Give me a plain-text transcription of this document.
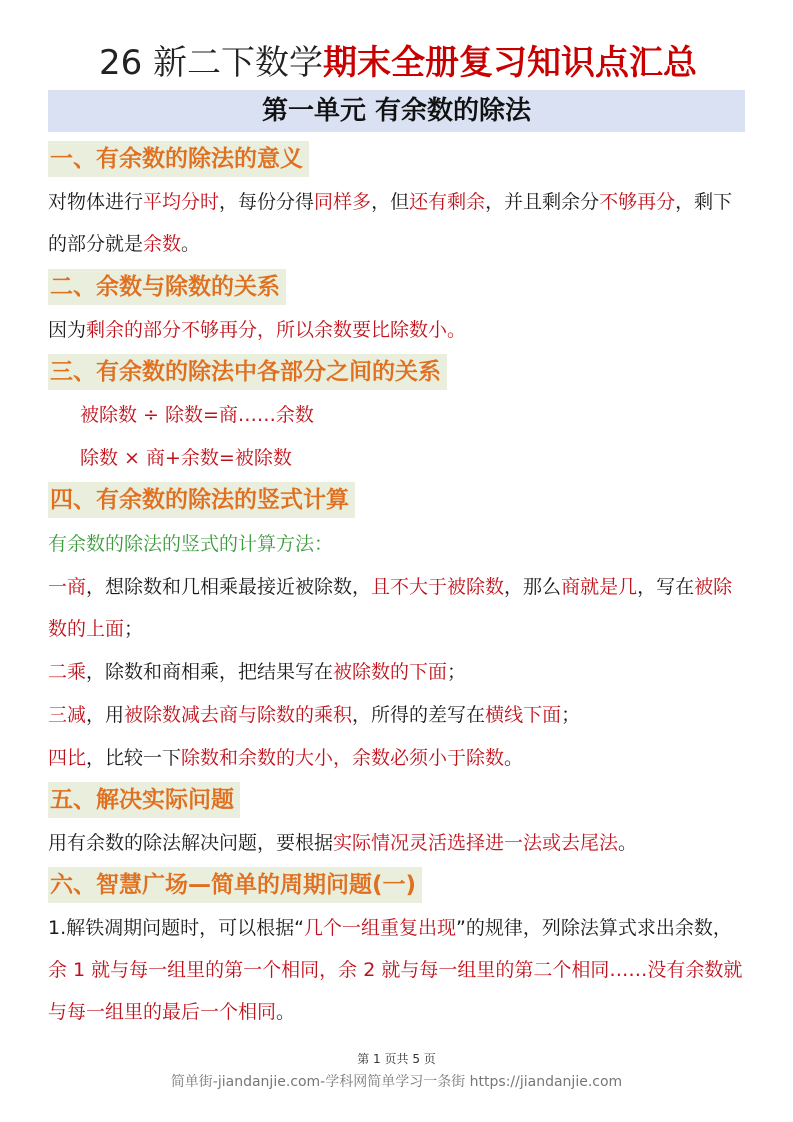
26 新二下数学期末全册复习知识点汇总
第一单元 有余数的除法
一、有余数的除法的意义
对物体进行平均分时，每份分得同样多，但还有剩余，并且剩余分不够再分，剩下的部分就是余数。
二、余数与除数的关系
因为剩余的部分不够再分，所以余数要比除数小。
三、有余数的除法中各部分之间的关系
被除数 ÷ 除数=商……余数
除数 × 商+余数=被除数
四、有余数的除法的竖式计算
有余数的除法的竖式的计算方法：
一商，想除数和几相乘最接近被除数，且不大于被除数，那么商就是几，写在被除数的上面；
二乘，除数和商相乘，把结果写在被除数的下面；
三减，用被除数减去商与除数的乘积，所得的差写在横线下面；
四比，比较一下除数和余数的大小，余数必须小于除数。
五、解决实际问题
用有余数的除法解决问题，要根据实际情况灵活选择进一法或去尾法。
六、智慧广场—简单的周期问题(一)
1.解铁凋期问题时，可以根据“几个一组重复出现”的规律，列除法算式求出余数，余 1 就与每一组里的第一个相同，余 2 就与每一组里的第二个相同……没有余数就与每一组里的最后一个相同。
第 1 页共 5 页
简单街-jiandanjie.com-学科网简单学习一条街 https://jiandanjie.com
